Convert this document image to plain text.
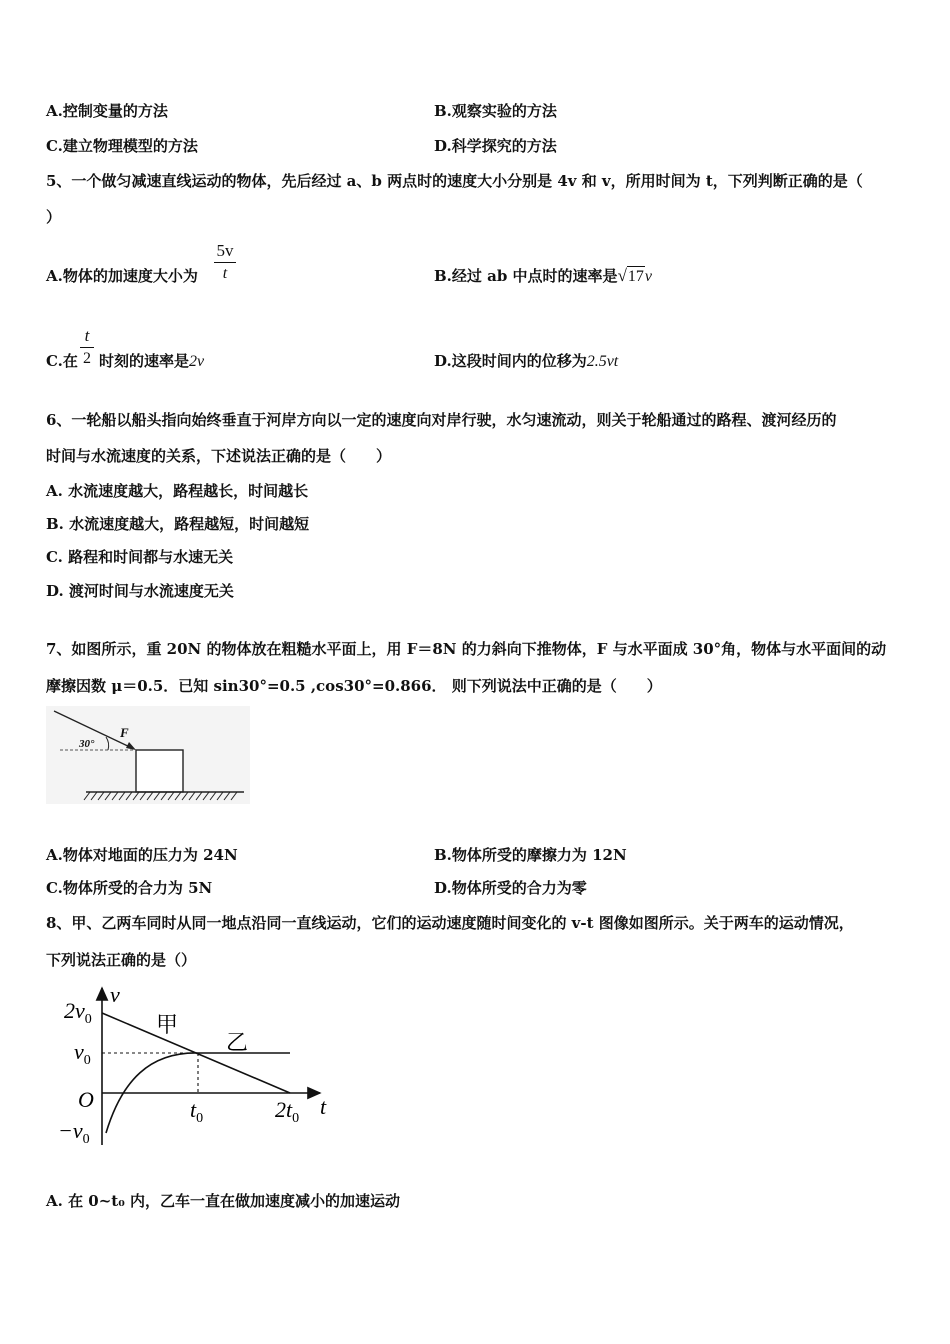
A.控制变量的方法	B.观察实验的方法
C.建立物理模型的方法	D.科学探究的方法
5、一个做匀减速直线运动的物体，先后经过 a、b 两点时的速度大小分别是 4v 和 v，所用时间为 t，下列判断正确的是（
）
A.物体的加速度大小为
5v
t	B.经过 ab 中点时的速率是√17v
C.在
t
2 时刻的速率是2v	D.这段时间内的位移为2.5vt
6、一轮船以船头指向始终垂直于河岸方向以一定的速度向对岸行驶，水匀速流动，则关于轮船通过的路程、渡河经历的
时间与水流速度的关系，下述说法正确的是（　　）
A. 水流速度越大，路程越长，时间越长
B. 水流速度越大，路程越短，时间越短
C. 路程和时间都与水速无关
D. 渡河时间与水流速度无关
7、如图所示，重 20N 的物体放在粗糙水平面上，用 F＝8N 的力斜向下推物体，F 与水平面成 30°角，物体与水平面间的动
摩擦因数 μ＝0.5．已知 sin30°=0.5 ,cos30°=0.866． 则下列说法中正确的是（　　）
30°
F
A.物体对地面的压力为 24N	B.物体所受的摩擦力为 12N
C.物体所受的合力为 5N	D.物体所受的合力为零
8、甲、乙两车同时从同一地点沿同一直线运动，它们的运动速度随时间变化的 v-t 图像如图所示。关于两车的运动情况，
下列说法正确的是（）
v
t
O
$2v_0$
$v_0$
$-v_0$
$t_0$	$2t_0$
甲
乙
A. 在 0~t₀ 内，乙车一直在做加速度减小的加速运动
